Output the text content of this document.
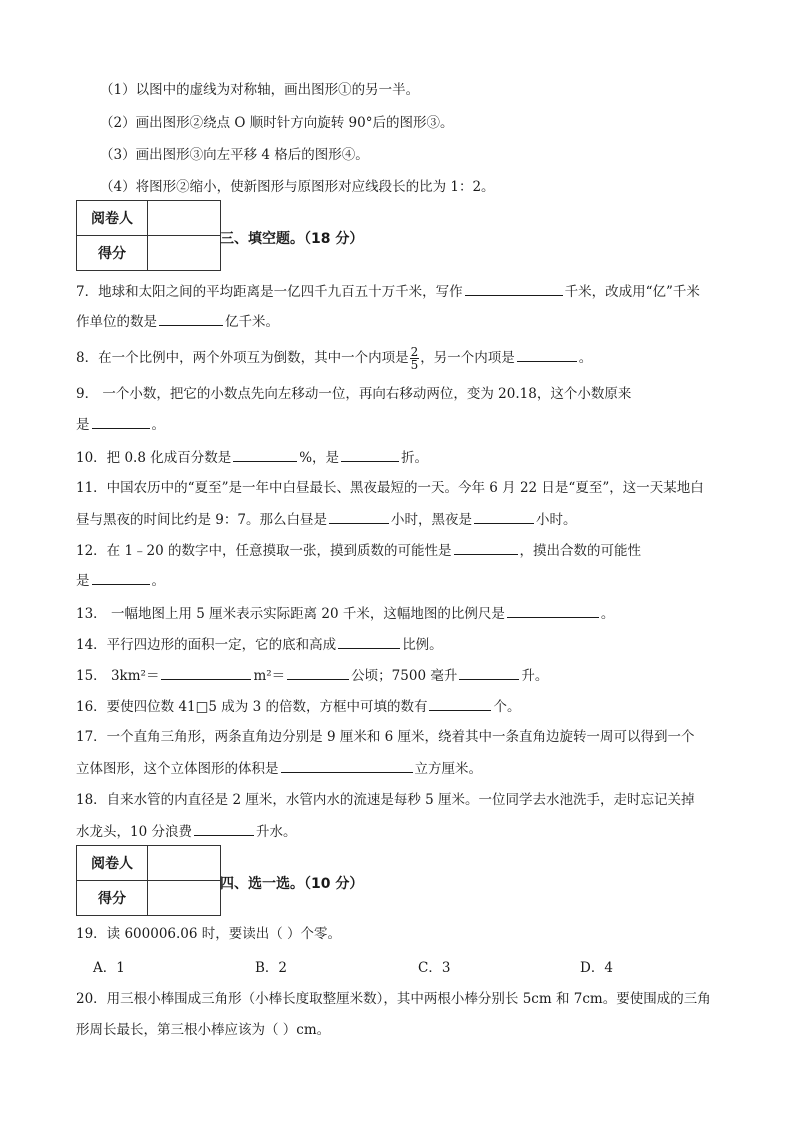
（1）以图中的虚线为对称轴，画出图形①的另一半。
（2）画出图形②绕点 O 顺时针方向旋转 90°后的图形③。
（3）画出图形③向左平移 4 格后的图形④。
（4）将图形②缩小，使新图形与原图形对应线段长的比为 1：2。
阅卷人	
得分	
三、填空题。（18 分）
7．地球和太阳之间的平均距离是一亿四千九百五十万千米，写作	千米，改成用“亿”千米
作单位的数是	亿千米。
8．在一个比例中，两个外项互为倒数，其中一个内项是 $\frac{2}{5}$ ，另一个内项是	。
9． 一个小数，把它的小数点先向左移动一位，再向右移动两位，变为 20.18，这个小数原来
是	。
10．把 0.8 化成百分数是	%，是	折。
11．中国农历中的“夏至”是一年中白昼最长、黑夜最短的一天。今年 6 月 22 日是“夏至”，这一天某地白
昼与黑夜的时间比约是 9：7。那么白昼是	小时，黑夜是	小时。
12．在 1﹣20 的数字中，任意摸取一张，摸到质数的可能性是	，摸出合数的可能性
是	。
13． 一幅地图上用 5 厘米表示实际距离 20 千米，这幅地图的比例尺是	。
14．平行四边形的面积一定，它的底和高成	比例。
15． 3km²＝	m²＝	公顷；7500 毫升	升。
16．要使四位数 41□5 成为 3 的倍数，方框中可填的数有	个。
17．一个直角三角形，两条直角边分别是 9 厘米和 6 厘米，绕着其中一条直角边旋转一周可以得到一个
立体图形，这个立体图形的体积是	立方厘米。
18．自来水管的内直径是 2 厘米，水管内水的流速是每秒 5 厘米。一位同学去水池洗手，走时忘记关掉
水龙头，10 分浪费	升水。
阅卷人	
得分	
四、选一选。（10 分）
19．读 600006.06 时，要读出（ ）个零。
A．1	B．2	C．3	D．4
20．用三根小棒围成三角形（小棒长度取整厘米数），其中两根小棒分别长 5cm 和 7cm。要使围成的三角
形周长最长，第三根小棒应该为（ ）cm。
